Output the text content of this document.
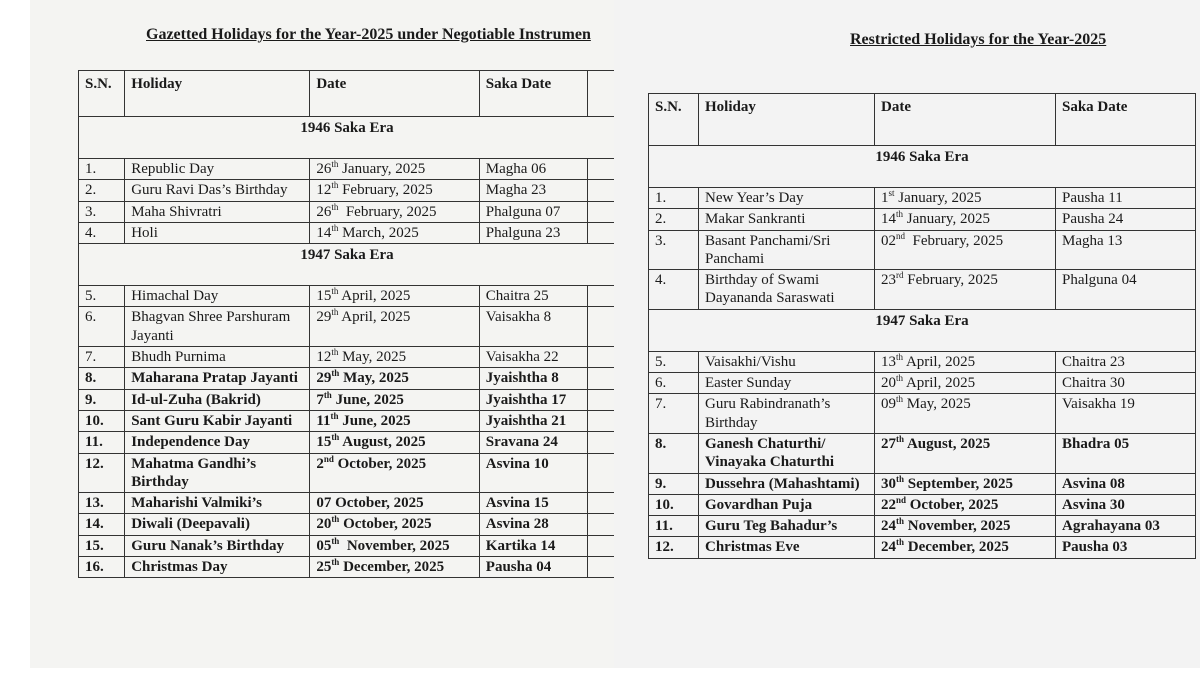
Gazetted Holidays for the Year-2025 under Negotiable Instrumen
S.N.	Holiday	Date	Saka Date	
1946 Saka Era				
1.	Republic Day	26th January, 2025	Magha 06	
2.	Guru Ravi Das’s Birthday	12th February, 2025	Magha 23	
3.	Maha Shivratri	26th  February, 2025	Phalguna 07	
4.	Holi	14th March, 2025	Phalguna 23	
1947 Saka Era				
5.	Himachal Day	15th April, 2025	Chaitra 25	
6.	Bhagvan Shree Parshuram Jayanti	29th April, 2025	Vaisakha 8	
7.	Bhudh Purnima	12th May, 2025	Vaisakha 22	
8.	Maharana Pratap Jayanti	29th May, 2025	Jyaishtha 8	
9.	Id-ul-Zuha (Bakrid)	7th June, 2025	Jyaishtha 17	
10.	Sant Guru Kabir Jayanti	11th June, 2025	Jyaishtha 21	
11.	Independence Day	15th August, 2025	Sravana 24	
12.	Mahatma Gandhi’s Birthday	2nd October, 2025	Asvina 10	
13.	Maharishi Valmiki’s	07 October, 2025	Asvina 15	
14.	Diwali (Deepavali)	20th October, 2025	Asvina 28	
15.	Guru Nanak’s Birthday	05th  November, 2025	Kartika 14	
16.	Christmas Day	25th December, 2025	Pausha 04	
Restricted Holidays for the Year-2025
S.N.	Holiday	Date	Saka Date
1946 Saka Era			
1.	New Year’s Day	1st January, 2025	Pausha 11
2.	Makar Sankranti	14th January, 2025	Pausha 24
3.	Basant Panchami/Sri Panchami	02nd  February, 2025	Magha 13
4.	Birthday of Swami Dayananda Saraswati	23rd February, 2025	Phalguna 04
1947 Saka Era			
5.	Vaisakhi/Vishu	13th April, 2025	Chaitra 23
6.	Easter Sunday	20th April, 2025	Chaitra 30
7.	Guru Rabindranath’s Birthday	09th May, 2025	Vaisakha 19
8.	Ganesh Chaturthi/ Vinayaka Chaturthi	27th August, 2025	Bhadra 05
9.	Dussehra (Mahashtami)	30th September, 2025	Asvina 08
10.	Govardhan Puja	22nd October, 2025	Asvina 30
11.	Guru Teg Bahadur’s	24th November, 2025	Agrahayana 03
12.	Christmas Eve	24th December, 2025	Pausha 03
